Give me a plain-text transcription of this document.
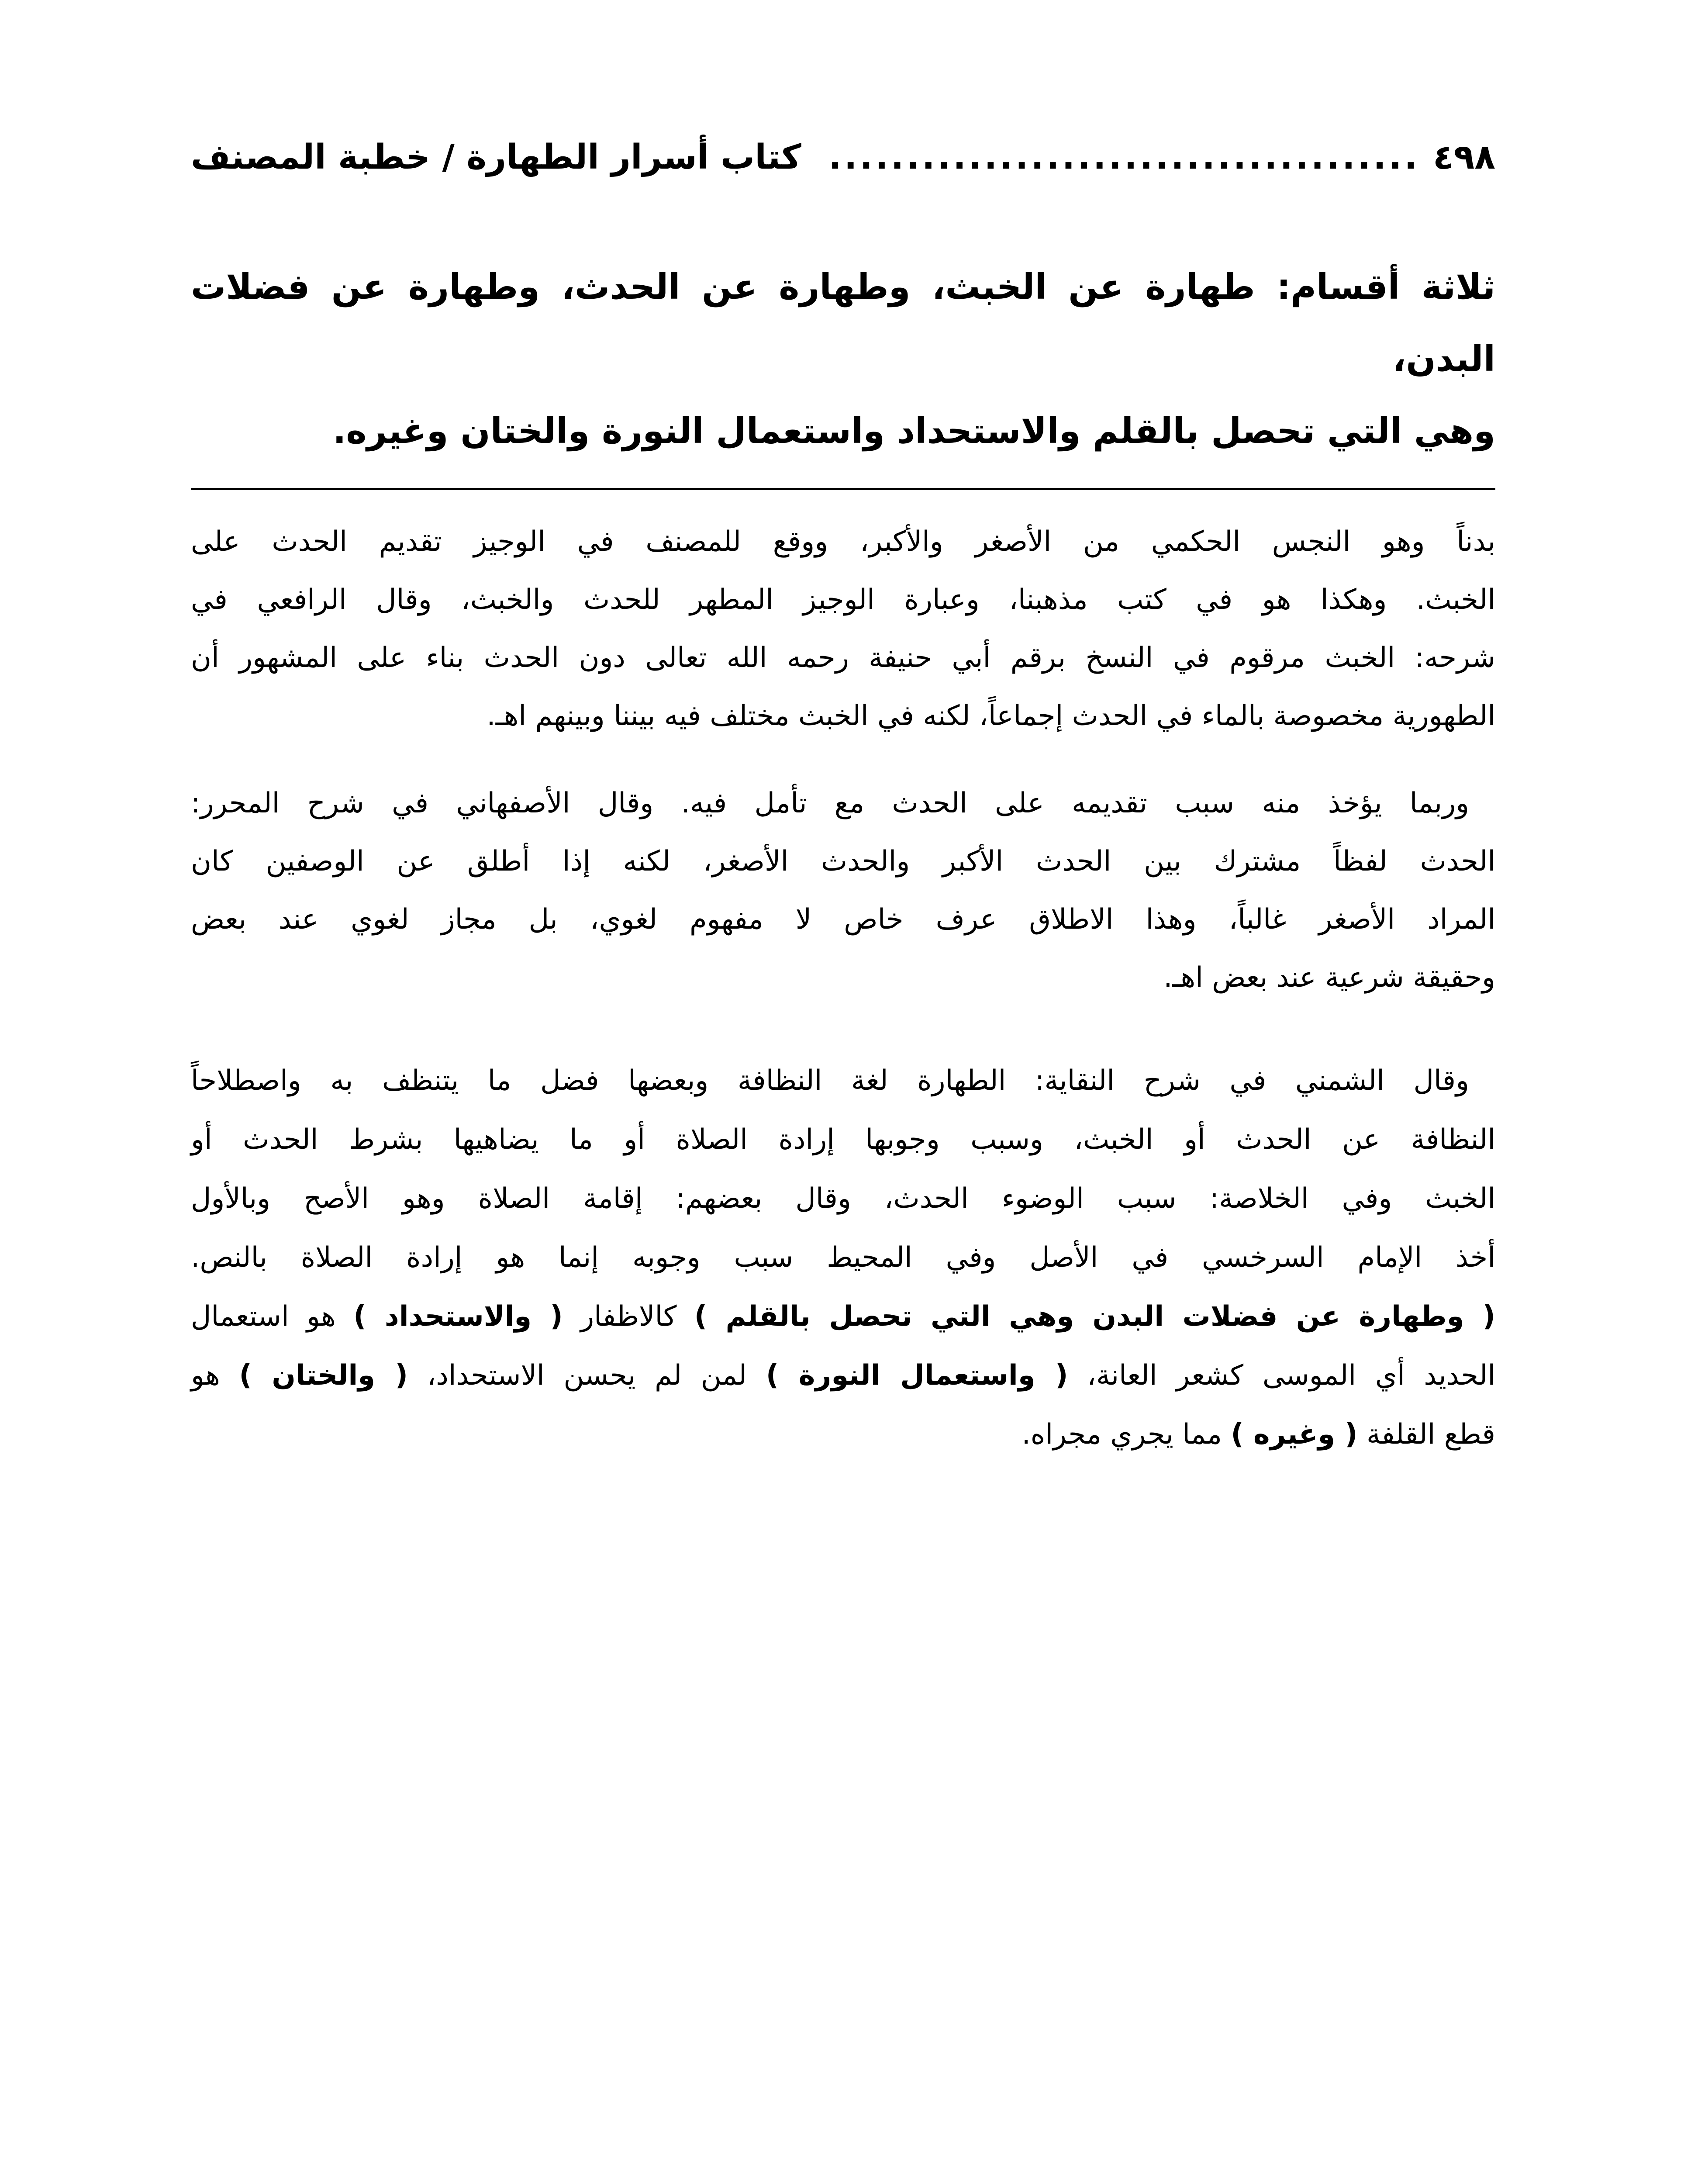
٤٩٨
......................................
كتاب أسرار الطهارة / خطبة المصنف
ثلاثة أقسام: طهارة عن الخبث، وطهارة عن الحدث، وطهارة عن فضلات البدن،
وهي التي تحصل بالقلم والاستحداد واستعمال النورة والختان وغيره.
بدناً وهو النجس الحكمي من الأصغر والأكبر، ووقع للمصنف في الوجيز تقديم الحدث على
الخبث. وهكذا هو في كتب مذهبنا، وعبارة الوجيز المطهر للحدث والخبث، وقال الرافعي في
شرحه: الخبث مرقوم في النسخ برقم أبي حنيفة رحمه الله تعالى دون الحدث بناء على المشهور أن
الطهورية مخصوصة بالماء في الحدث إجماعاً، لكنه في الخبث مختلف فيه بيننا وبينهم اهـ.
وربما يؤخذ منه سبب تقديمه على الحدث مع تأمل فيه. وقال الأصفهاني في شرح المحرر:
الحدث لفظاً مشترك بين الحدث الأكبر والحدث الأصغر، لكنه إذا أطلق عن الوصفين كان
المراد الأصغر غالباً، وهذا الاطلاق عرف خاص لا مفهوم لغوي، بل مجاز لغوي عند بعض
وحقيقة شرعية عند بعض اهـ.
وقال الشمني في شرح النقاية: الطهارة لغة النظافة وبعضها فضل ما يتنظف به واصطلاحاً
النظافة عن الحدث أو الخبث، وسبب وجوبها إرادة الصلاة أو ما يضاهيها بشرط الحدث أو
الخبث وفي الخلاصة: سبب الوضوء الحدث، وقال بعضهم: إقامة الصلاة وهو الأصح وبالأول
أخذ الإمام السرخسي في الأصل وفي المحيط سبب وجوبه إنما هو إرادة الصلاة بالنص.
( وطهارة عن فضلات البدن وهي التي تحصل بالقلم ) كالاظفار ( والاستحداد ) هو استعمال
الحديد أي الموسى كشعر العانة، ( واستعمال النورة ) لمن لم يحسن الاستحداد، ( والختان ) هو
قطع القلفة ( وغيره ) مما يجري مجراه.
